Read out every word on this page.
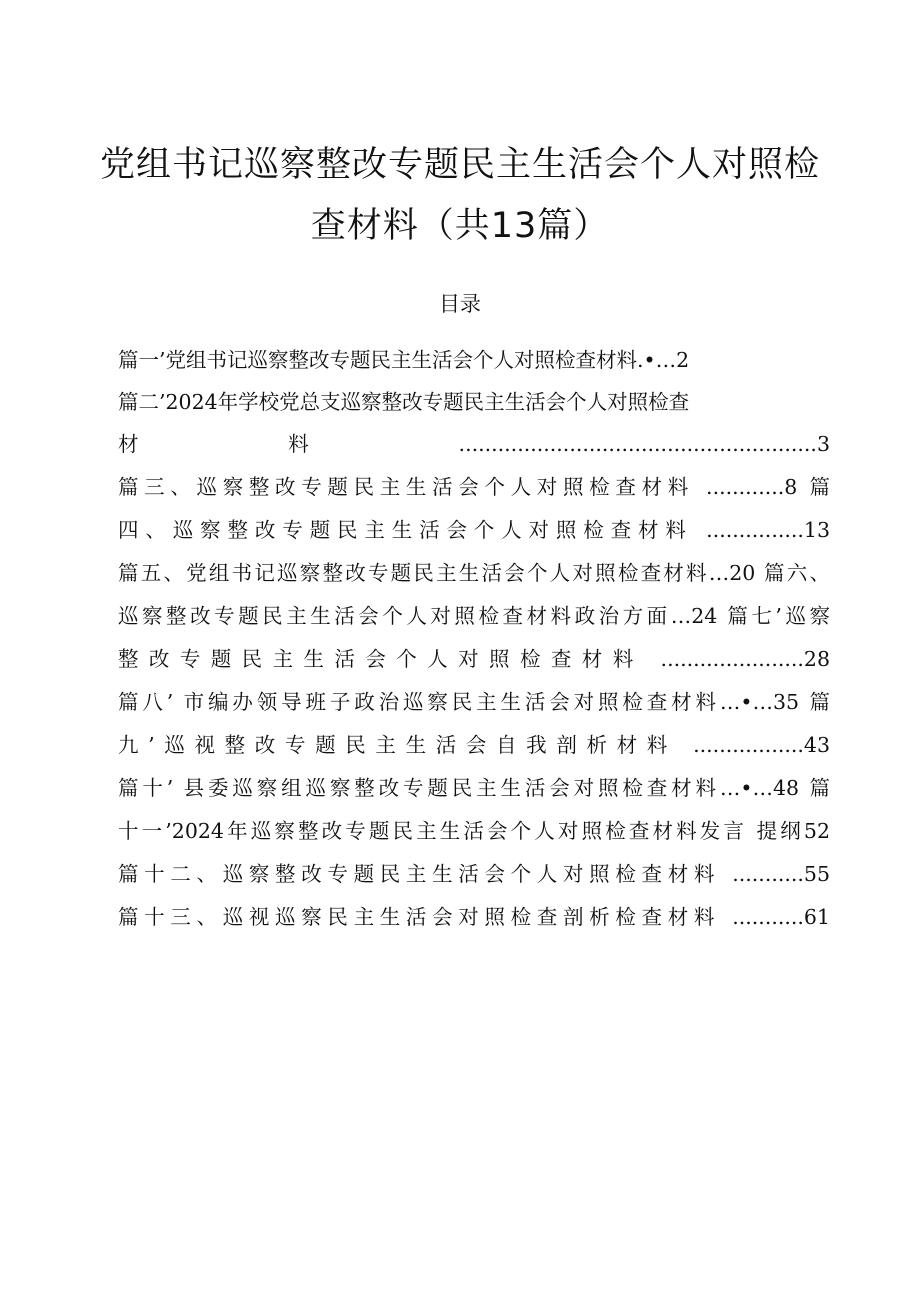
党组书记巡察整改专题民主生活会个人对照检
查材料（共13篇）
目录
篇一’党组书记巡察整改专题民主生活会个人对照检查材料.•…2
篇二’2024年学校党总支巡察整改专题民主生活会个人对照检查
材料.......................................................3
篇三、巡察整改专题民主生活会个人对照检查材料 ............8 篇
四、巡察整改专题民主生活会个人对照检查材料 ...............13
篇五、党组书记巡察整改专题民主生活会个人对照检查材料…20 篇六、
巡察整改专题民主生活会个人对照检查材料政治方面…24 篇七’巡察
整改专题民主生活会个人对照检查材料 ......................28
篇八’ 市编办领导班子政治巡察民主生活会对照检查材料…•…35 篇
九’巡视整改专题民主生活会自我剖析材料 .................43
篇十’ 县委巡察组巡察整改专题民主生活会对照检查材料…•…48 篇
十一’2024年巡察整改专题民主生活会个人对照检查材料发言 提纲52
篇十二、巡察整改专题民主生活会个人对照检查材料 ...........55
篇十三、巡视巡察民主生活会对照检查剖析检查材料 ...........61
